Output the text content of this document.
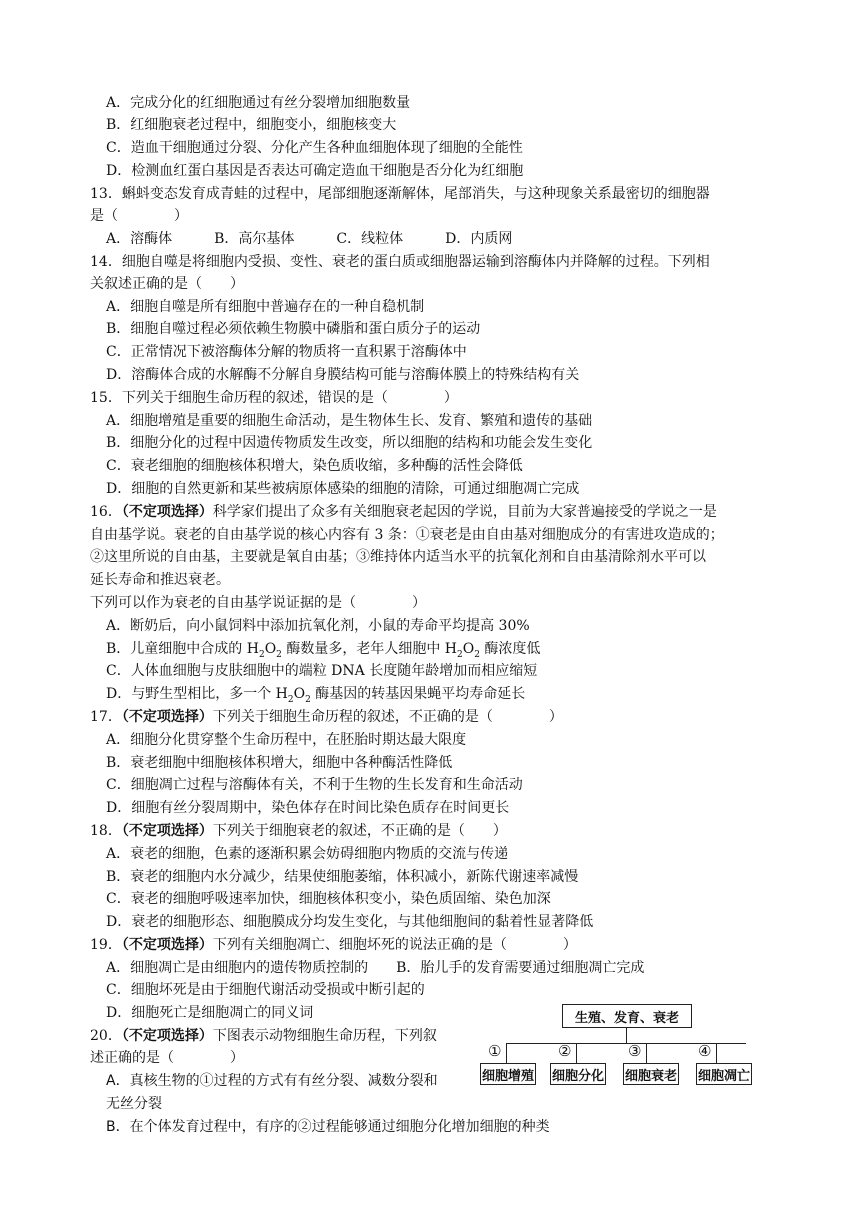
A．完成分化的红细胞通过有丝分裂增加细胞数量
B．红细胞衰老过程中，细胞变小，细胞核变大
C．造血干细胞通过分裂、分化产生各种血细胞体现了细胞的全能性
D．检测血红蛋白基因是否表达可确定造血干细胞是否分化为红细胞
13．蝌蚪变态发育成青蛙的过程中，尾部细胞逐渐解体，尾部消失，与这种现象关系最密切的细胞器
是（　　　　）
A．溶酶体　　　B．高尔基体　　　C．线粒体　　　D．内质网
14．细胞自噬是将细胞内受损、变性、衰老的蛋白质或细胞器运输到溶酶体内并降解的过程。下列相
关叙述正确的是（　　）
A．细胞自噬是所有细胞中普遍存在的一种自稳机制
B．细胞自噬过程必须依赖生物膜中磷脂和蛋白质分子的运动
C．正常情况下被溶酶体分解的物质将一直积累于溶酶体中
D．溶酶体合成的水解酶不分解自身膜结构可能与溶酶体膜上的特殊结构有关
15．下列关于细胞生命历程的叙述，错误的是（　　　　）
A．细胞增殖是重要的细胞生命活动，是生物体生长、发育、繁殖和遗传的基础
B．细胞分化的过程中因遗传物质发生改变，所以细胞的结构和功能会发生变化
C．衰老细胞的细胞核体积增大，染色质收缩，多种酶的活性会降低
D．细胞的自然更新和某些被病原体感染的细胞的清除，可通过细胞凋亡完成
16．（不定项选择）科学家们提出了众多有关细胞衰老起因的学说，目前为大家普遍接受的学说之一是
自由基学说。衰老的自由基学说的核心内容有 3 条：①衰老是由自由基对细胞成分的有害进攻造成的；
②这里所说的自由基，主要就是氧自由基；③维持体内适当水平的抗氧化剂和自由基清除剂水平可以
延长寿命和推迟衰老。
下列可以作为衰老的自由基学说证据的是（　　　　）
A．断奶后，向小鼠饲料中添加抗氧化剂，小鼠的寿命平均提高 30%
B．儿童细胞中合成的 $H_2O_2$ 酶数量多，老年人细胞中 $H_2O_2$ 酶浓度低
C．人体血细胞与皮肤细胞中的端粒 DNA 长度随年龄增加而相应缩短
D．与野生型相比，多一个 $H_2O_2$ 酶基因的转基因果蝇平均寿命延长
17．（不定项选择）下列关于细胞生命历程的叙述，不正确的是（　　　　）
A．细胞分化贯穿整个生命历程中，在胚胎时期达最大限度
B．衰老细胞中细胞核体积增大，细胞中各种酶活性降低
C．细胞凋亡过程与溶酶体有关，不利于生物的生长发育和生命活动
D．细胞有丝分裂周期中，染色体存在时间比染色质存在时间更长
18．（不定项选择）下列关于细胞衰老的叙述，不正确的是（　　）
A．衰老的细胞，色素的逐渐积累会妨碍细胞内物质的交流与传递
B．衰老的细胞内水分减少，结果使细胞萎缩，体积减小，新陈代谢速率减慢
C．衰老的细胞呼吸速率加快，细胞核体积变小，染色质固缩、染色加深
D．衰老的细胞形态、细胞膜成分均发生变化，与其他细胞间的黏着性显著降低
19．（不定项选择）下列有关细胞凋亡、细胞坏死的说法正确的是（　　　　）
A．细胞凋亡是由细胞内的遗传物质控制的　　B．胎儿手的发育需要通过细胞凋亡完成
C．细胞坏死是由于细胞代谢活动受损或中断引起的
D．细胞死亡是细胞凋亡的同义词
20．（不定项选择）下图表示动物细胞生命历程，下列叙
述正确的是（　　　　）
A．真核生物的①过程的方式有有丝分裂、减数分裂和
无丝分裂
B．在个体发育过程中，有序的②过程能够通过细胞分化增加细胞的种类
生殖、发育、衰老
①	②	③	④
细胞增殖 细胞分化 细胞衰老 细胞凋亡
